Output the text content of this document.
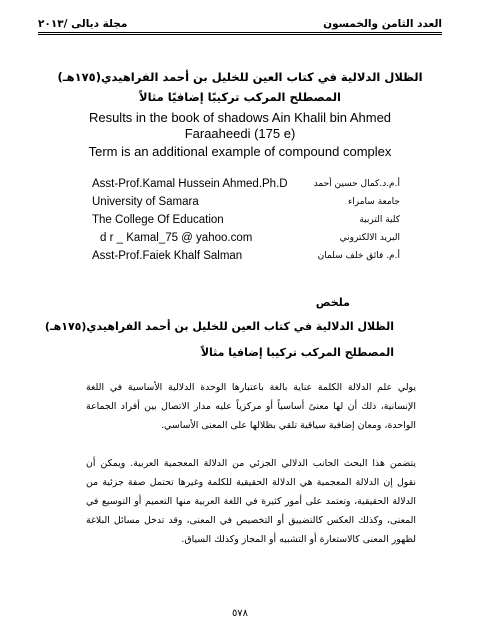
مجلة ديالى /٢٠١٣	العدد الثامن والخمسون
الظلال الدلالية في كتاب العين للخليل بن أحمد الفراهيدي(١٧٥هـ)
المصطلح المركب تركيبًا إضافيًا مثالاً
Results in the book of shadows Ain Khalil bin Ahmed
Faraaheedi (175 e)
Term is an additional example of compound complex
Asst-Prof.Kamal Hussein Ahmed.Ph.D	أ.م.د.كمال حسين أحمد
University of Samara	جامعة سامراء
The College Of Education	كلية التربية
d r _ Kamal_75 @ yahoo.com	البريد الالكتروني
Asst-Prof.Faiek Khalf Salman	أ.م. فائق خلف سلمان
ملخص
الظلال الدلالية في كتاب العين للخليل بن أحمد الفراهيدي(١٧٥هـ)
المصطلح المركب تركيبا إضافيا مثالاً
يولي علم الدلالة الكلمة عناية بالغة باعتبارها الوحدة الدلالية الأساسية في اللغة الإنسانية، ذلك أن لها معنىً أساسياً أو مركزياً عليه مدار الاتصال بين أفراد الجماعة الواحدة، ومعان إضافية سياقية تلقي بظلالها على المعنى الأساسي.
يتضمن هذا البحث الجانب الدلالي الجزئي من الدلالة المعجمية العربية. ويمكن أن نقول إن الدلالة المعجمية هي الدلالة الحقيقية للكلمة وغيرها تحتمل صفة جزئية من الدلالة الحقيقية، وتعتمد على أمور كثيرة في اللغة العربية منها التعميم أو التوسيع في المعنى، وكذلك العكس كالتضييق أو التخصيص في المعنى، وقد تدخل مسائل البلاغة لظهور المعنى كالاستعارة أو التشبيه أو المجاز وكذلك السياق.
٥٧٨
